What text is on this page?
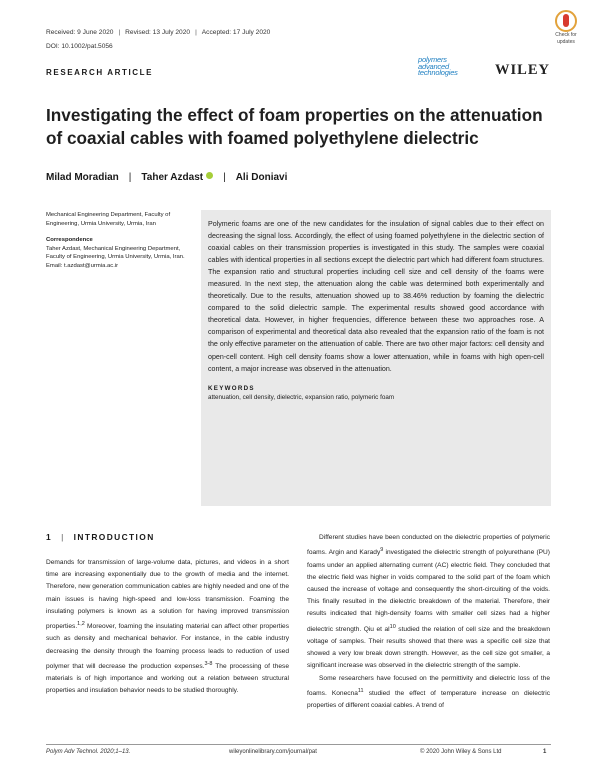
Received: 9 June 2020 | Revised: 13 July 2020 | Accepted: 17 July 2020
DOI: 10.1002/pat.5056
Check for
updates
RESEARCH ARTICLE
polymers
advanced
technologies	WILEY
Investigating the effect of foam properties on the attenuation of coaxial cables with foamed polyethylene dielectric
Milad Moradian | Taher Azdast | Ali Doniavi
Mechanical Engineering Department, Faculty of Engineering, Urmia University, Urmia, Iran
Correspondence
Taher Azdast, Mechanical Engineering Department, Faculty of Engineering, Urmia University, Urmia, Iran.
Email: t.azdast@urmia.ac.ir

Polymeric foams are one of the new candidates for the insulation of signal cables due to their effect on decreasing the signal loss. Accordingly, the effect of using foamed polyethylene in the dielectric section of coaxial cables on their transmission properties is investigated in this study. The samples were coaxial cables with identical properties in all sections except the dielectric part which had different foam structures. The expansion ratio and structural properties including cell size and cell density of the foams were measured. In the next step, the attenuation along the cable was determined both experimentally and theoretically. Due to the results, attenuation showed up to 38.46% reduction by foaming the dielectric compared to the solid dielectric sample. The experimental results showed good accordance with theoretical data. However, in higher frequencies, difference between these two approaches rose. A comparison of experimental and theoretical data also revealed that the expansion ratio of the foam is not the only effective parameter on the attenuation of cable. There are two other major factors: cell density and open-cell content. High cell density foams show a lower attenuation, while in foams with high open-cell content, a major increase was observed in the attenuation.

KEYWORDS
attenuation, cell density, dielectric, expansion ratio, polymeric foam
1 | INTRODUCTION

Demands for transmission of large-volume data, pictures, and videos in a short time are increasing exponentially due to the growth of media and the internet. Therefore, new generation communication cables are highly needed and one of the main issues is having high-speed and low-loss transmission. Foaming the insulating polymers is known as a solution for having improved transmission properties.$^{1,2}$ Moreover, foaming the insulating material can affect other properties such as density and mechanical behavior. For instance, in the cable industry decreasing the density through the foaming process leads to reduction of used polymer that will decrease the production expenses.$^{3-8}$ The processing of these materials is of high importance and working out a relation between structural properties and insulation behavior needs to be studied thoroughly.

Different studies have been conducted on the dielectric properties of polymeric foams. Argin and Karady$^9$ investigated the dielectric strength of polyurethane (PU) foams under an applied alternating current (AC) electric field. They concluded that the electric field was higher in voids compared to the solid part of the foam which caused the increase of voltage and consequently the short-circuiting of the voids. This finally resulted in the dielectric breakdown of the material. Therefore, their results indicated that high-density foams with smaller cell sizes had a higher dielectric strength. Qiu et $al^{10}$ studied the relation of cell size and the breakdown voltage of samples. Their results showed that there was a specific cell size that showed a very low break down strength. However, as the cell size got smaller, a significant increase was observed in the dielectric strength of the sample.

Some researchers have focused on the permittivity and dielectric loss of the foams. Konecna$^{11}$ studied the effect of temperature increase on dielectric properties of different coaxial cables. A trend of

Polym Adv Technol. 2020;1–13.	wileyonlinelibrary.com/journal/pat	© 2020 John Wiley & Sons Ltd	1
